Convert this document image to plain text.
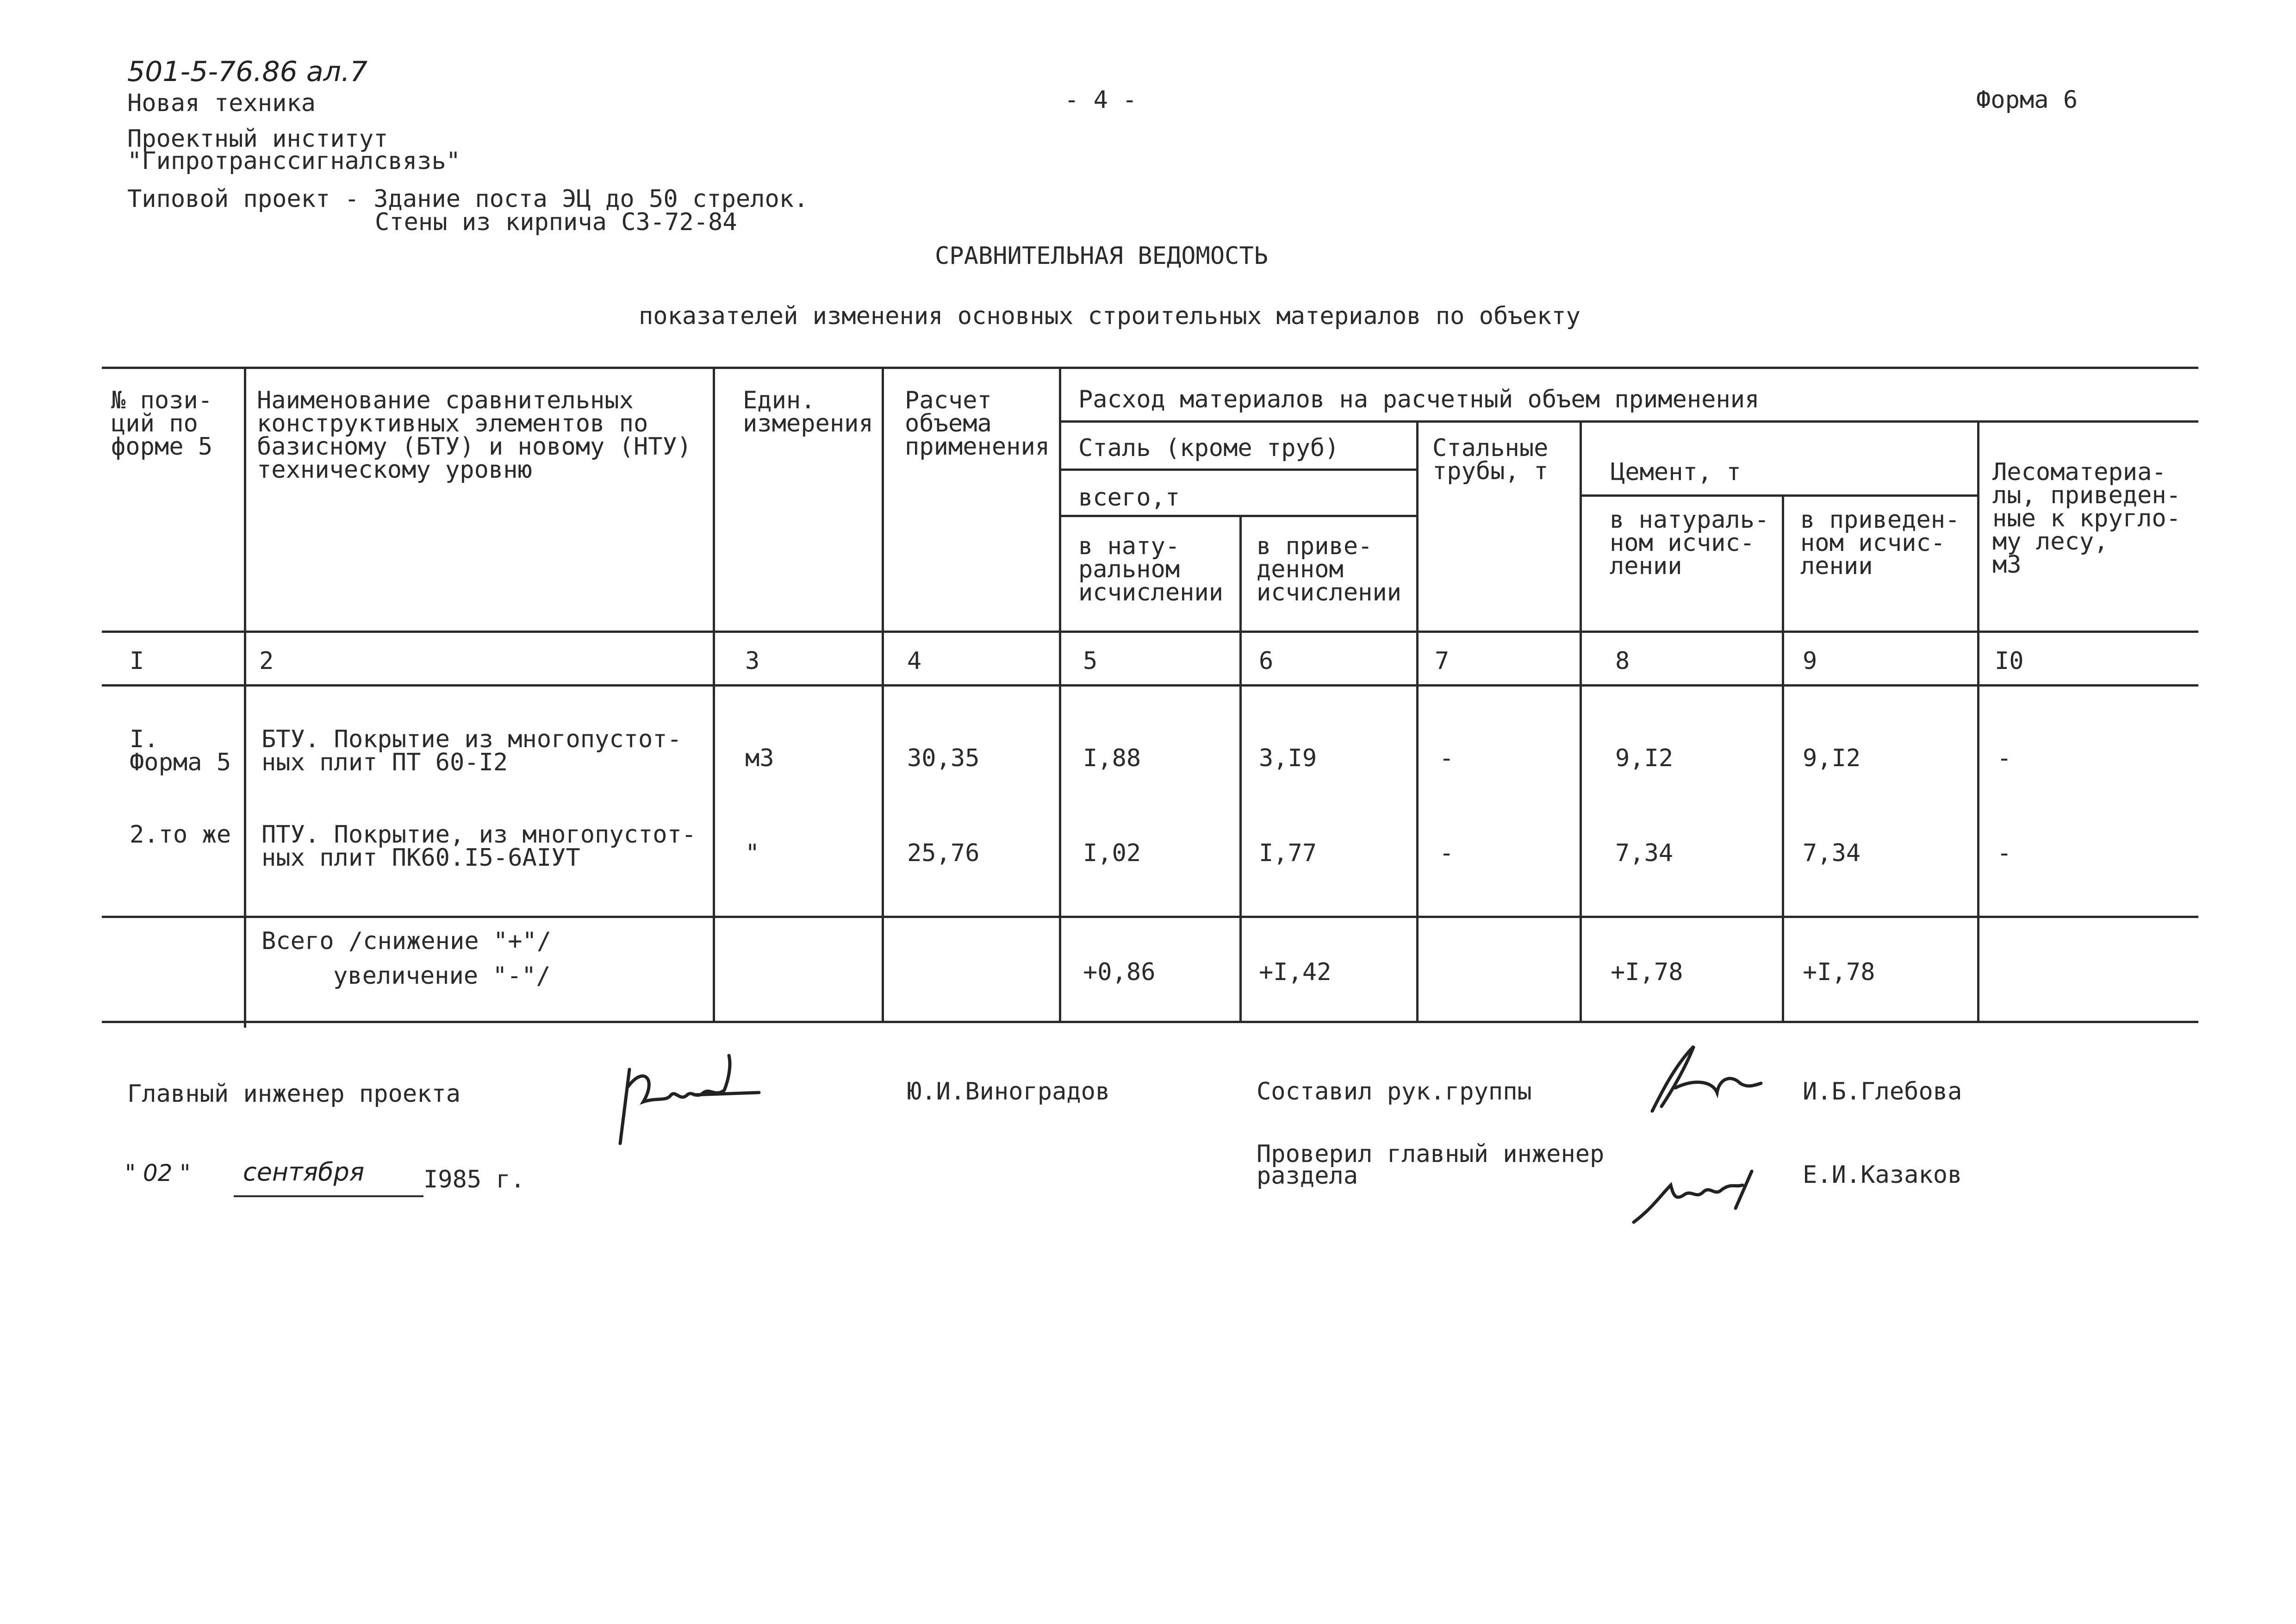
501-5-76.86 ал.7
Новая техника	- 4 -	Форма 6
Проектный институт
"Гипротранссигналсвязь"
Типовой проект - Здание поста ЭЦ до 50 стрелок.
Стены из кирпича СЗ-72-84
СРАВНИТЕЛЬНАЯ ВЕДОМОСТЬ
показателей изменения основных строительных материалов по объекту
№ пози-
ций по
форме 5
Наименование сравнительных
конструктивных элементов по
базисному (БТУ) и новому (НТУ)
техническому уровню
Един.
измерения
Расчет
объема
применения
Расход материалов на расчетный объем применения
Сталь (кроме труб)
всего,т
в нату-
ральном
исчислении
в приве-
денном
исчислении
Стальные
трубы, т	Цемент, т
в натураль-
ном исчис-
лении
в приведен-
ном исчис-
лении
Лесоматериа-
лы, приведен-
ные к кругло-
му лесу,
м3
I	2	3	4	5	6	7	8	9	I0
I.
Форма 5
БТУ. Покрытие из многопустот-
ных плит ПТ 60-I2	м3	30,35	I,88	3,I9	-	9,I2	9,I2	-
2.то же ПТУ. Покрытие, из многопустот-
ных плит ПК60.I5-6АIУТ	"	25,76	I,02	I,77	-	7,34	7,34	-
Всего /снижение "+"/
увеличение "-"/	+0,86	+I,42	+I,78	+I,78
Главный инженер проекта	Ю.И.Виноградов	Составил рук.группы	И.Б.Глебова
Проверил главный инженер
раздела	Е.И.Казаков
" 02 " сентября I985 г.
